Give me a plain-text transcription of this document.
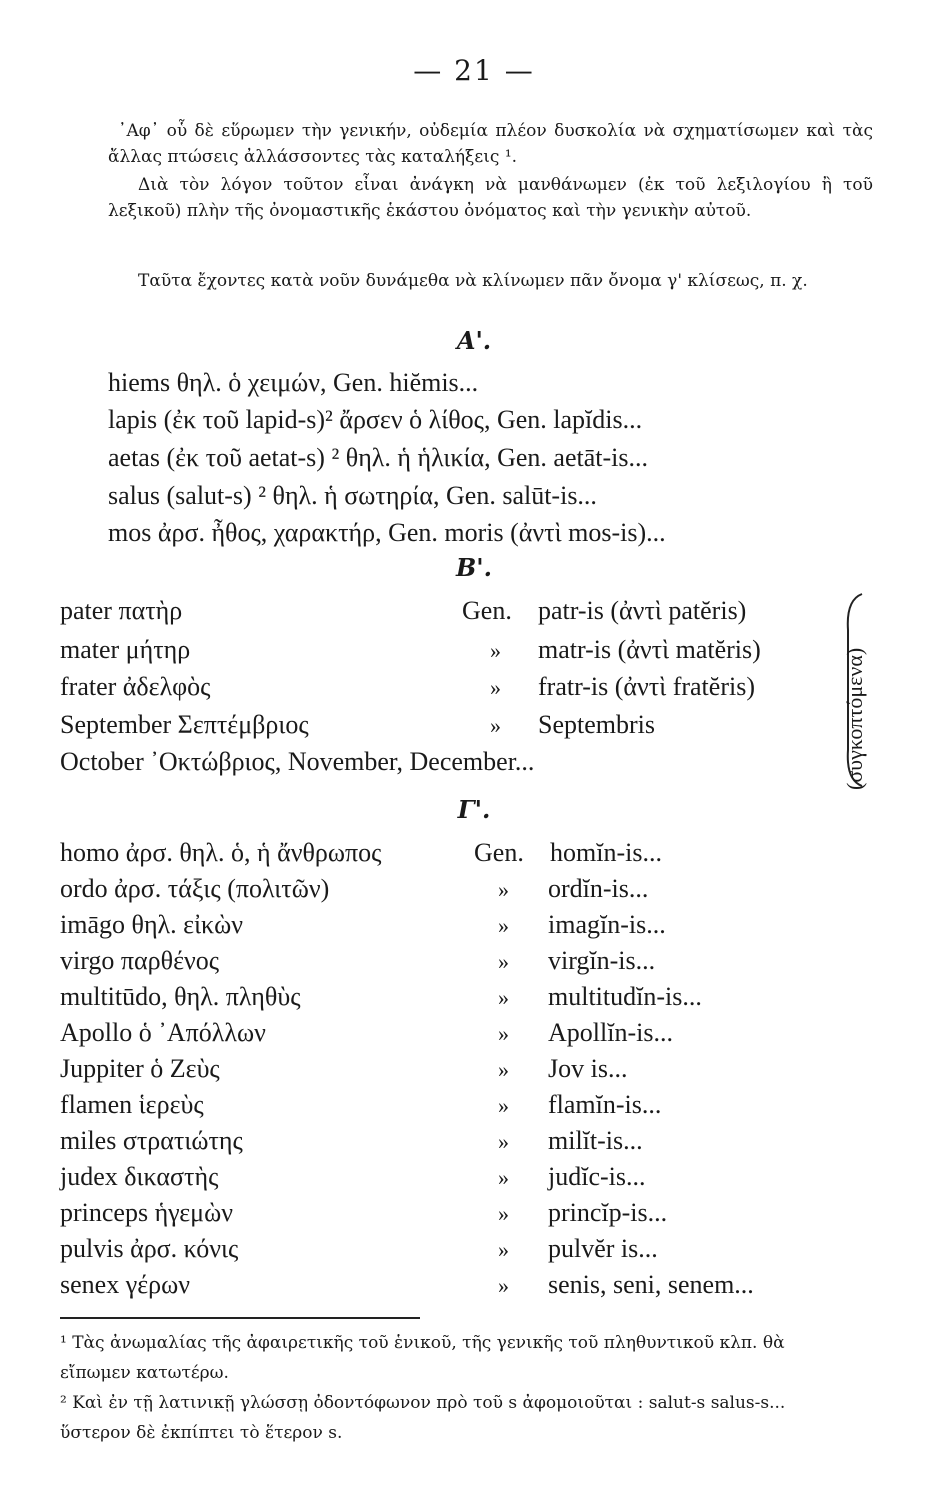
— 21 —
᾿Αφ᾿ οὗ δὲ εὕρωμεν τὴν γενικήν, οὐδεμία πλέον δυσκολία νὰ σχηματίσωμεν καὶ τὰς ἄλλας πτώσεις ἀλλάσσοντες τὰς καταλήξεις ¹.
Διὰ τὸν λόγον τοῦτον εἶναι ἀνάγκη νὰ μανθάνωμεν (ἐκ τοῦ λεξιλογίου ἢ τοῦ λεξικοῦ) πλὴν τῆς ὀνομαστικῆς ἑκάστου ὀνόματος καὶ τὴν γενικὴν αὐτοῦ.
Ταῦτα ἔχοντες κατὰ νοῦν δυνάμεθα νὰ κλίνωμεν πᾶν ὄνομα γ' κλίσεως, π. χ.
Α'.
hiems θηλ. ὁ χειμών, Gen. hiĕmis...
lapis (ἐκ τοῦ lapid-s)² ἄρσεν ὁ λίθος, Gen. lapĭdis...
aetas (ἐκ τοῦ aetat-s) ² θηλ. ἡ ἡλικία, Gen. aetāt-is...
salus (salut-s) ² θηλ. ἡ σωτηρία, Gen. salūt-is...
mos ἀρσ. ἦθος, χαρακτήρ, Gen. moris (ἀντὶ mos-is)...
Β'.
pater πατὴρ	Gen. patr-is (ἀντὶ patĕris)
mater μήτηρ	» matr-is (ἀντὶ matĕris)
frater ἀδελφὸς	» fratr-is (ἀντὶ fratĕris)
September Σεπτέμβριος	» Septembris
October ᾿Οκτώβριος, November, December...	(συγκοπτόμενα)
Γ'.
homo ἀρσ. θηλ. ὁ, ἡ ἄνθρωπος	Gen. homĭn-is...
ordo ἀρσ. τάξις (πολιτῶν)	» ordĭn-is...
imāgo θηλ. εἰκὼν	» imagĭn-is...
virgo παρθένος	» virgĭn-is...
multitūdo, θηλ. πληθὺς	» multitudĭn-is...
Apollo ὁ ᾿Απόλλων	» Apollĭn-is...
Juppiter ὁ Ζεὺς	» Jov is...
flamen ἱερεὺς	» flamĭn-is...
miles στρατιώτης	» milĭt-is...
judex δικαστὴς	» judĭc-is...
princeps ἡγεμὼν	» princĭp-is...
pulvis ἀρσ. κόνις	» pulvĕr is...
senex γέρων	» senis, seni, senem...
¹ Τὰς ἀνωμαλίας τῆς ἀφαιρετικῆς τοῦ ἑνικοῦ, τῆς γενικῆς τοῦ πληθυντικοῦ κλπ. θὰ εἴπωμεν κατωτέρω.
² Καὶ ἐν τῇ λατινικῇ γλώσσῃ ὀδοντόφωνον πρὸ τοῦ s ἀφομοιοῦται : salut-s salus-s... ὕστερον δὲ ἐκπίπτει τὸ ἕτερον s.
